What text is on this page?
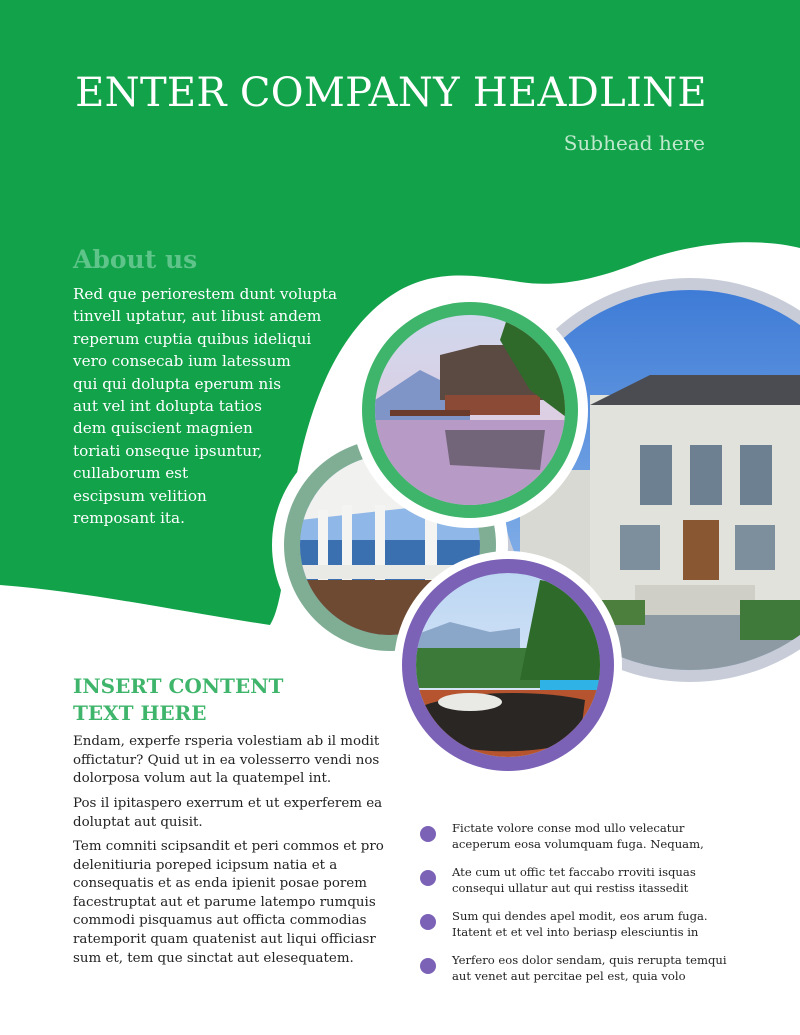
ENTER COMPANY HEADLINE

Subhead here

About us

Red que periorestem dunt volupta
tinvell uptatur, aut libust andem
reperum cuptia quibus ideliqui
vero consecab ium latessum
qui qui dolupta eperum nis
aut vel int dolupta tatios
dem quiscient magnien
toriati onseque ipsuntur,
cullaborum est
escipsum velition
remposant ita.

INSERT CONTENT
TEXT HERE

Endam, experfe rsperia volestiam ab il modit
offictatur? Quid ut in ea volesserro vendi nos
dolorposa volum aut la quatempel int.

Pos il ipitaspero exerrum et ut experferem ea
doluptat aut quisit.

Tem comniti scipsandit et peri commos et pro
delenitiuria poreped icipsum natia et a
consequatis et as enda ipienit posae porem
facestruptat aut et parume latempo rumquis
commodi pisquamus aut officta commodias
ratemporit quam quatenist aut liqui officiasr
sum et, tem que sinctat aut elesequatem.

Fictate volore conse mod ullo velecatur
aceperum eosa volumquam fuga. Nequam,
Ate cum ut offic tet faccabo rroviti isquas
consequi ullatur aut qui restiss itassedit
Sum qui dendes apel modit, eos arum fuga.
Itatent et et vel into beriasp elesciuntis in
Yerfero eos dolor sendam, quis rerupta temqui
aut venet aut percitae pel est, quia volo
